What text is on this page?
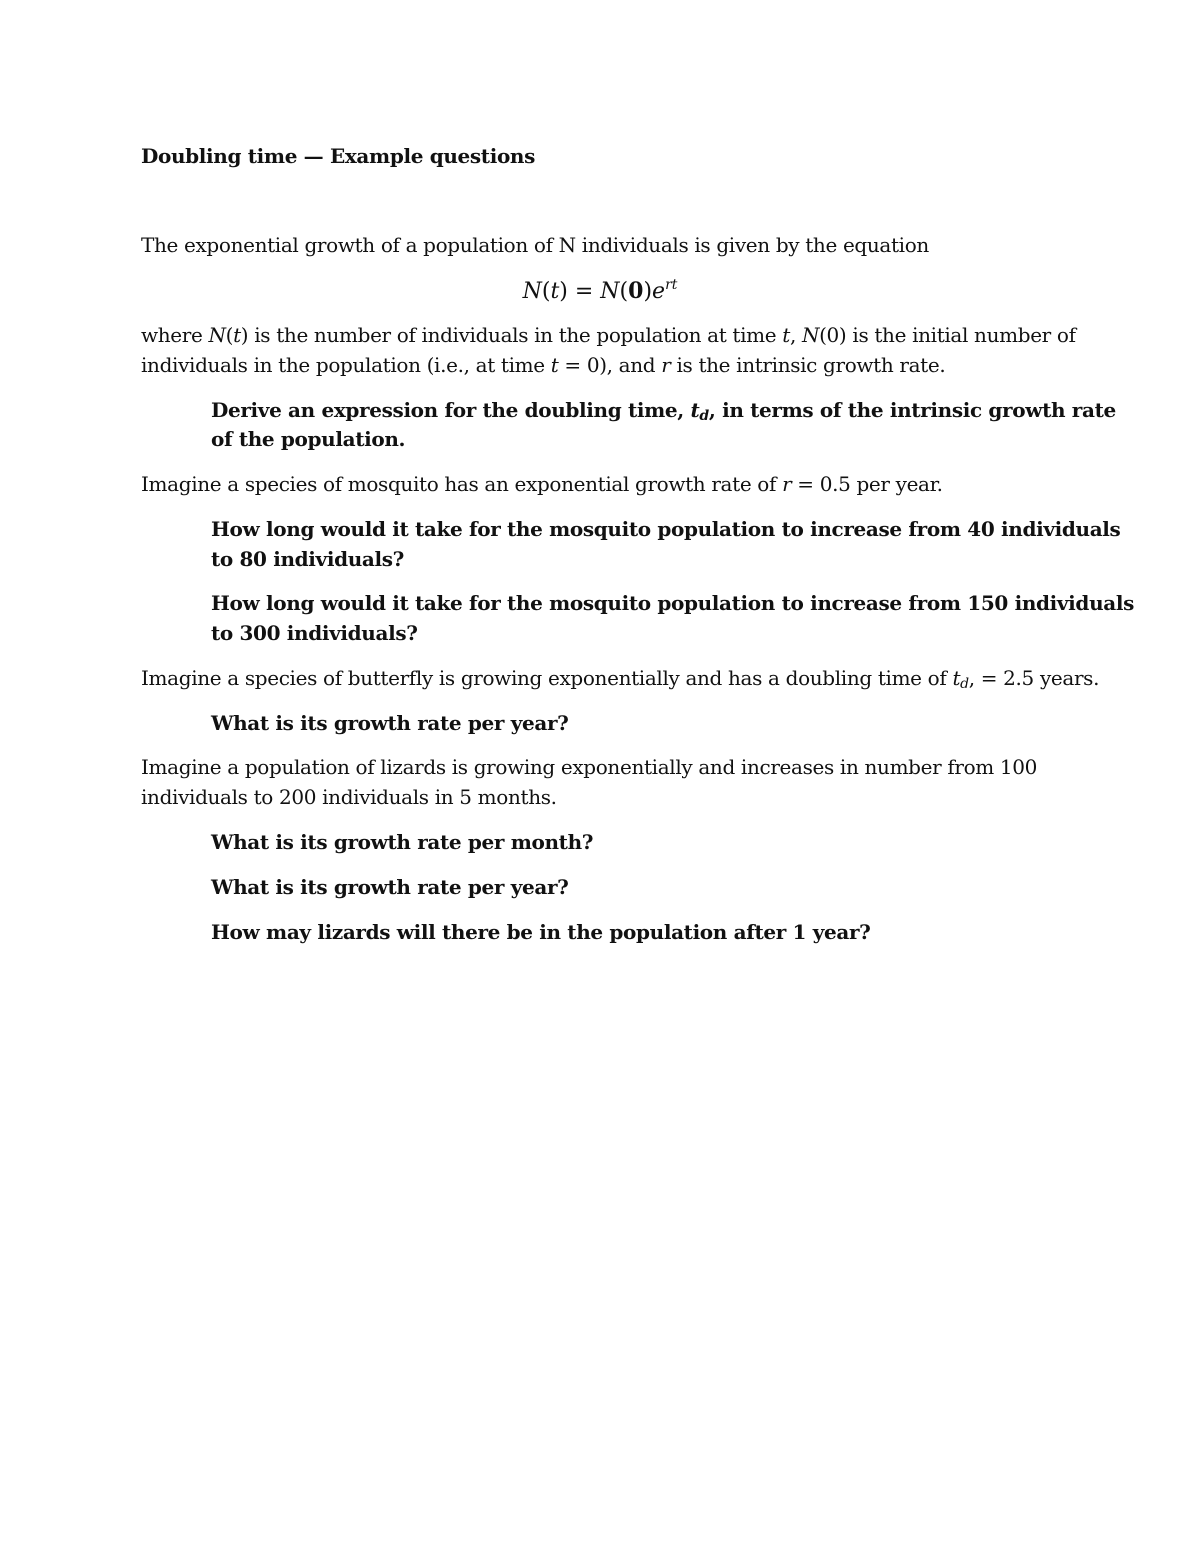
Doubling time — Example questions
The exponential growth of a population of N individuals is given by the equation
$N(t) = N(0)e^{rt}$
where N(t) is the number of individuals in the population at time t, N(0) is the initial number of
individuals in the population (i.e., at time t = 0), and r is the intrinsic growth rate.
Derive an expression for the doubling time, $t_d$, in terms of the intrinsic growth rate
of the population.
Imagine a species of mosquito has an exponential growth rate of r = 0.5 per year.
How long would it take for the mosquito population to increase from 40 individuals
to 80 individuals?
How long would it take for the mosquito population to increase from 150 individuals
to 300 individuals?
Imagine a species of butterfly is growing exponentially and has a doubling time of $t_d$, = 2.5 years.
What is its growth rate per year?
Imagine a population of lizards is growing exponentially and increases in number from 100
individuals to 200 individuals in 5 months.
What is its growth rate per month?
What is its growth rate per year?
How may lizards will there be in the population after 1 year?
